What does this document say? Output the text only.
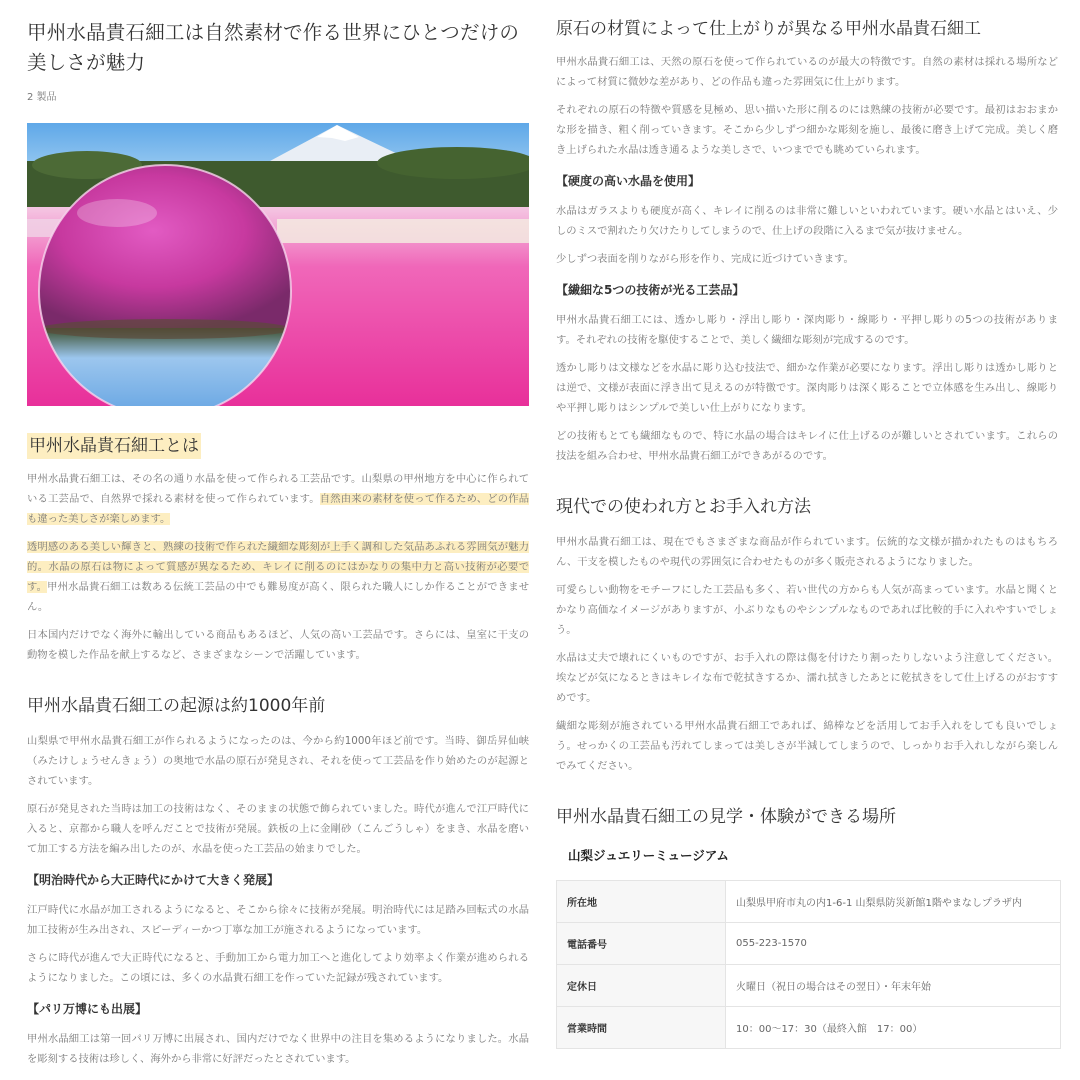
甲州水晶貴石細工は自然素材で作る世界にひとつだけの美しさが魅力
2 製品
甲州水晶貴石細工とは

甲州水晶貴石細工は、その名の通り水晶を使って作られる工芸品です。山梨県の甲州地方を中心に作られている工芸品で、自然界で採れる素材を使って作られています。自然由来の素材を使って作るため、どの作品も違った美しさが楽しめます。

透明感のある美しい輝きと、熟練の技術で作られた繊細な彫刻が上手く調和した気品あふれる雰囲気が魅力的。水晶の原石は物によって質感が異なるため、キレイに削るのにはかなりの集中力と高い技術が必要です。甲州水晶貴石細工は数ある伝統工芸品の中でも難易度が高く、限られた職人にしか作ることができません。

日本国内だけでなく海外に輸出している商品もあるほど、人気の高い工芸品です。さらには、皇室に干支の動物を模した作品を献上するなど、さまざまなシーンで活躍しています。

甲州水晶貴石細工の起源は約1000年前

山梨県で甲州水晶貴石細工が作られるようになったのは、今から約1000年ほど前です。当時、御岳昇仙峡（みたけしょうせんきょう）の奥地で水晶の原石が発見され、それを使って工芸品を作り始めたのが起源とされています。

原石が発見された当時は加工の技術はなく、そのままの状態で飾られていました。時代が進んで江戸時代に入ると、京都から職人を呼んだことで技術が発展。鉄板の上に金剛砂（こんごうしゃ）をまき、水晶を磨いて加工する方法を編み出したのが、水晶を使った工芸品の始まりでした。

【明治時代から大正時代にかけて大きく発展】

江戸時代に水晶が加工されるようになると、そこから徐々に技術が発展。明治時代には足踏み回転式の水晶加工技術が生み出され、スピーディーかつ丁寧な加工が施されるようになっています。

さらに時代が進んで大正時代になると、手動加工から電力加工へと進化してより効率よく作業が進められるようになりました。この頃には、多くの水晶貴石細工を作っていた記録が残されています。

【パリ万博にも出展】

甲州水晶細工は第一回パリ万博に出展され、国内だけでなく世界中の注目を集めるようになりました。水晶を彫刻する技術は珍しく、海外から非常に好評だったとされています。

原石の材質によって仕上がりが異なる甲州水晶貴石細工

甲州水晶貴石細工は、天然の原石を使って作られているのが最大の特徴です。自然の素材は採れる場所などによって材質に微妙な差があり、どの作品も違った雰囲気に仕上がります。

それぞれの原石の特徴や質感を見極め、思い描いた形に削るのには熟練の技術が必要です。最初はおおまかな形を描き、粗く削っていきます。そこから少しずつ細かな彫刻を施し、最後に磨き上げて完成。美しく磨き上げられた水晶は透き通るような美しさで、いつまででも眺めていられます。

【硬度の高い水晶を使用】

水晶はガラスよりも硬度が高く、キレイに削るのは非常に難しいといわれています。硬い水晶とはいえ、少しのミスで割れたり欠けたりしてしまうので、仕上げの段階に入るまで気が抜けません。

少しずつ表面を削りながら形を作り、完成に近づけていきます。

【繊細な5つの技術が光る工芸品】

甲州水晶貴石細工には、透かし彫り・浮出し彫り・深肉彫り・線彫り・平押し彫りの5つの技術がありま す。それぞれの技術を駆使することで、美しく繊細な彫刻が完成するのです。

透かし彫りは文様などを水晶に彫り込む技法で、細かな作業が必要になります。浮出し彫りは透かし彫りとは逆で、文様が表面に浮き出て見えるのが特徴です。深肉彫りは深く彫ることで立体感を生み出し、線彫りや平押し彫りはシンプルで美しい仕上がりになります。

どの技術もとても繊細なもので、特に水晶の場合はキレイに仕上げるのが難しいとされています。これらの技法を組み合わせ、甲州水晶貴石細工ができあがるのです。

現代での使われ方とお手入れ方法

甲州水晶貴石細工は、現在でもさまざまな商品が作られています。伝統的な文様が描かれたものはもちろん、干支を模したものや現代の雰囲気に合わせたものが多く販売されるようになりました。

可愛らしい動物をモチーフにした工芸品も多く、若い世代の方からも人気が高まっています。水晶と聞くとかなり高価なイメージがありますが、小ぶりなものやシンプルなものであれば比較的手に入れやすいでしょう。

水晶は丈夫で壊れにくいものですが、お手入れの際は傷を付けたり割ったりしないよう注意してください。埃などが気になるときはキレイな布で乾拭きするか、濡れ拭きしたあとに乾拭きをして仕上げるのがおすすめです。

繊細な彫刻が施されている甲州水晶貴石細工であれば、綿棒などを活用してお手入れをしても良いでしょう。せっかくの工芸品も汚れてしまっては美しさが半減してしまうので、しっかりお手入れしながら楽しんでみてください。

甲州水晶貴石細工の見学・体験ができる場所
山梨ジュエリーミュージアム
所在地	山梨県甲府市丸の内1-6-1 山梨県防災新館1階やまなしプラザ内
電話番号	055-223-1570
定休日	火曜日（祝日の場合はその翌日）・年末年始
営業時間	10：00〜17：30（最終入館　17：00）
